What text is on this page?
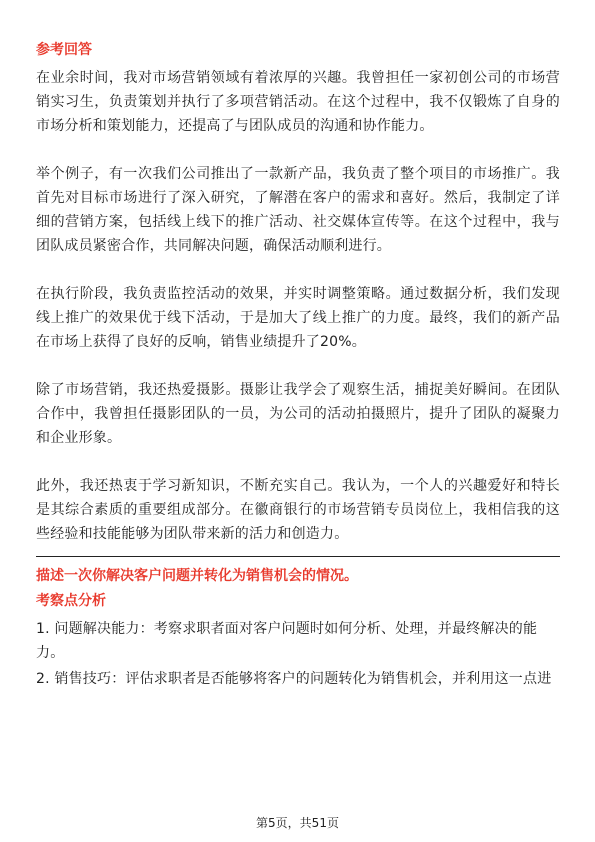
参考回答

在业余时间，我对市场营销领域有着浓厚的兴趣。我曾担任一家初创公司的市场营销实习生，负责策划并执行了多项营销活动。在这个过程中，我不仅锻炼了自身的市场分析和策划能力，还提高了与团队成员的沟通和协作能力。

举个例子，有一次我们公司推出了一款新产品，我负责了整个项目的市场推广。我首先对目标市场进行了深入研究，了解潜在客户的需求和喜好。然后，我制定了详细的营销方案，包括线上线下的推广活动、社交媒体宣传等。在这个过程中，我与团队成员紧密合作，共同解决问题，确保活动顺利进行。

在执行阶段，我负责监控活动的效果，并实时调整策略。通过数据分析，我们发现线上推广的效果优于线下活动，于是加大了线上推广的力度。最终，我们的新产品在市场上获得了良好的反响，销售业绩提升了20%。

除了市场营销，我还热爱摄影。摄影让我学会了观察生活，捕捉美好瞬间。在团队合作中，我曾担任摄影团队的一员，为公司的活动拍摄照片，提升了团队的凝聚力和企业形象。

此外，我还热衷于学习新知识，不断充实自己。我认为，一个人的兴趣爱好和特长是其综合素质的重要组成部分。在徽商银行的市场营销专员岗位上，我相信我的这些经验和技能能够为团队带来新的活力和创造力。

描述一次你解决客户问题并转化为销售机会的情况。
考察点分析

1. 问题解决能力：考察求职者面对客户问题时如何分析、处理，并最终解决的能力。

2. 销售技巧：评估求职者是否能够将客户的问题转化为销售机会，并利用这一点进

第5页，共51页
